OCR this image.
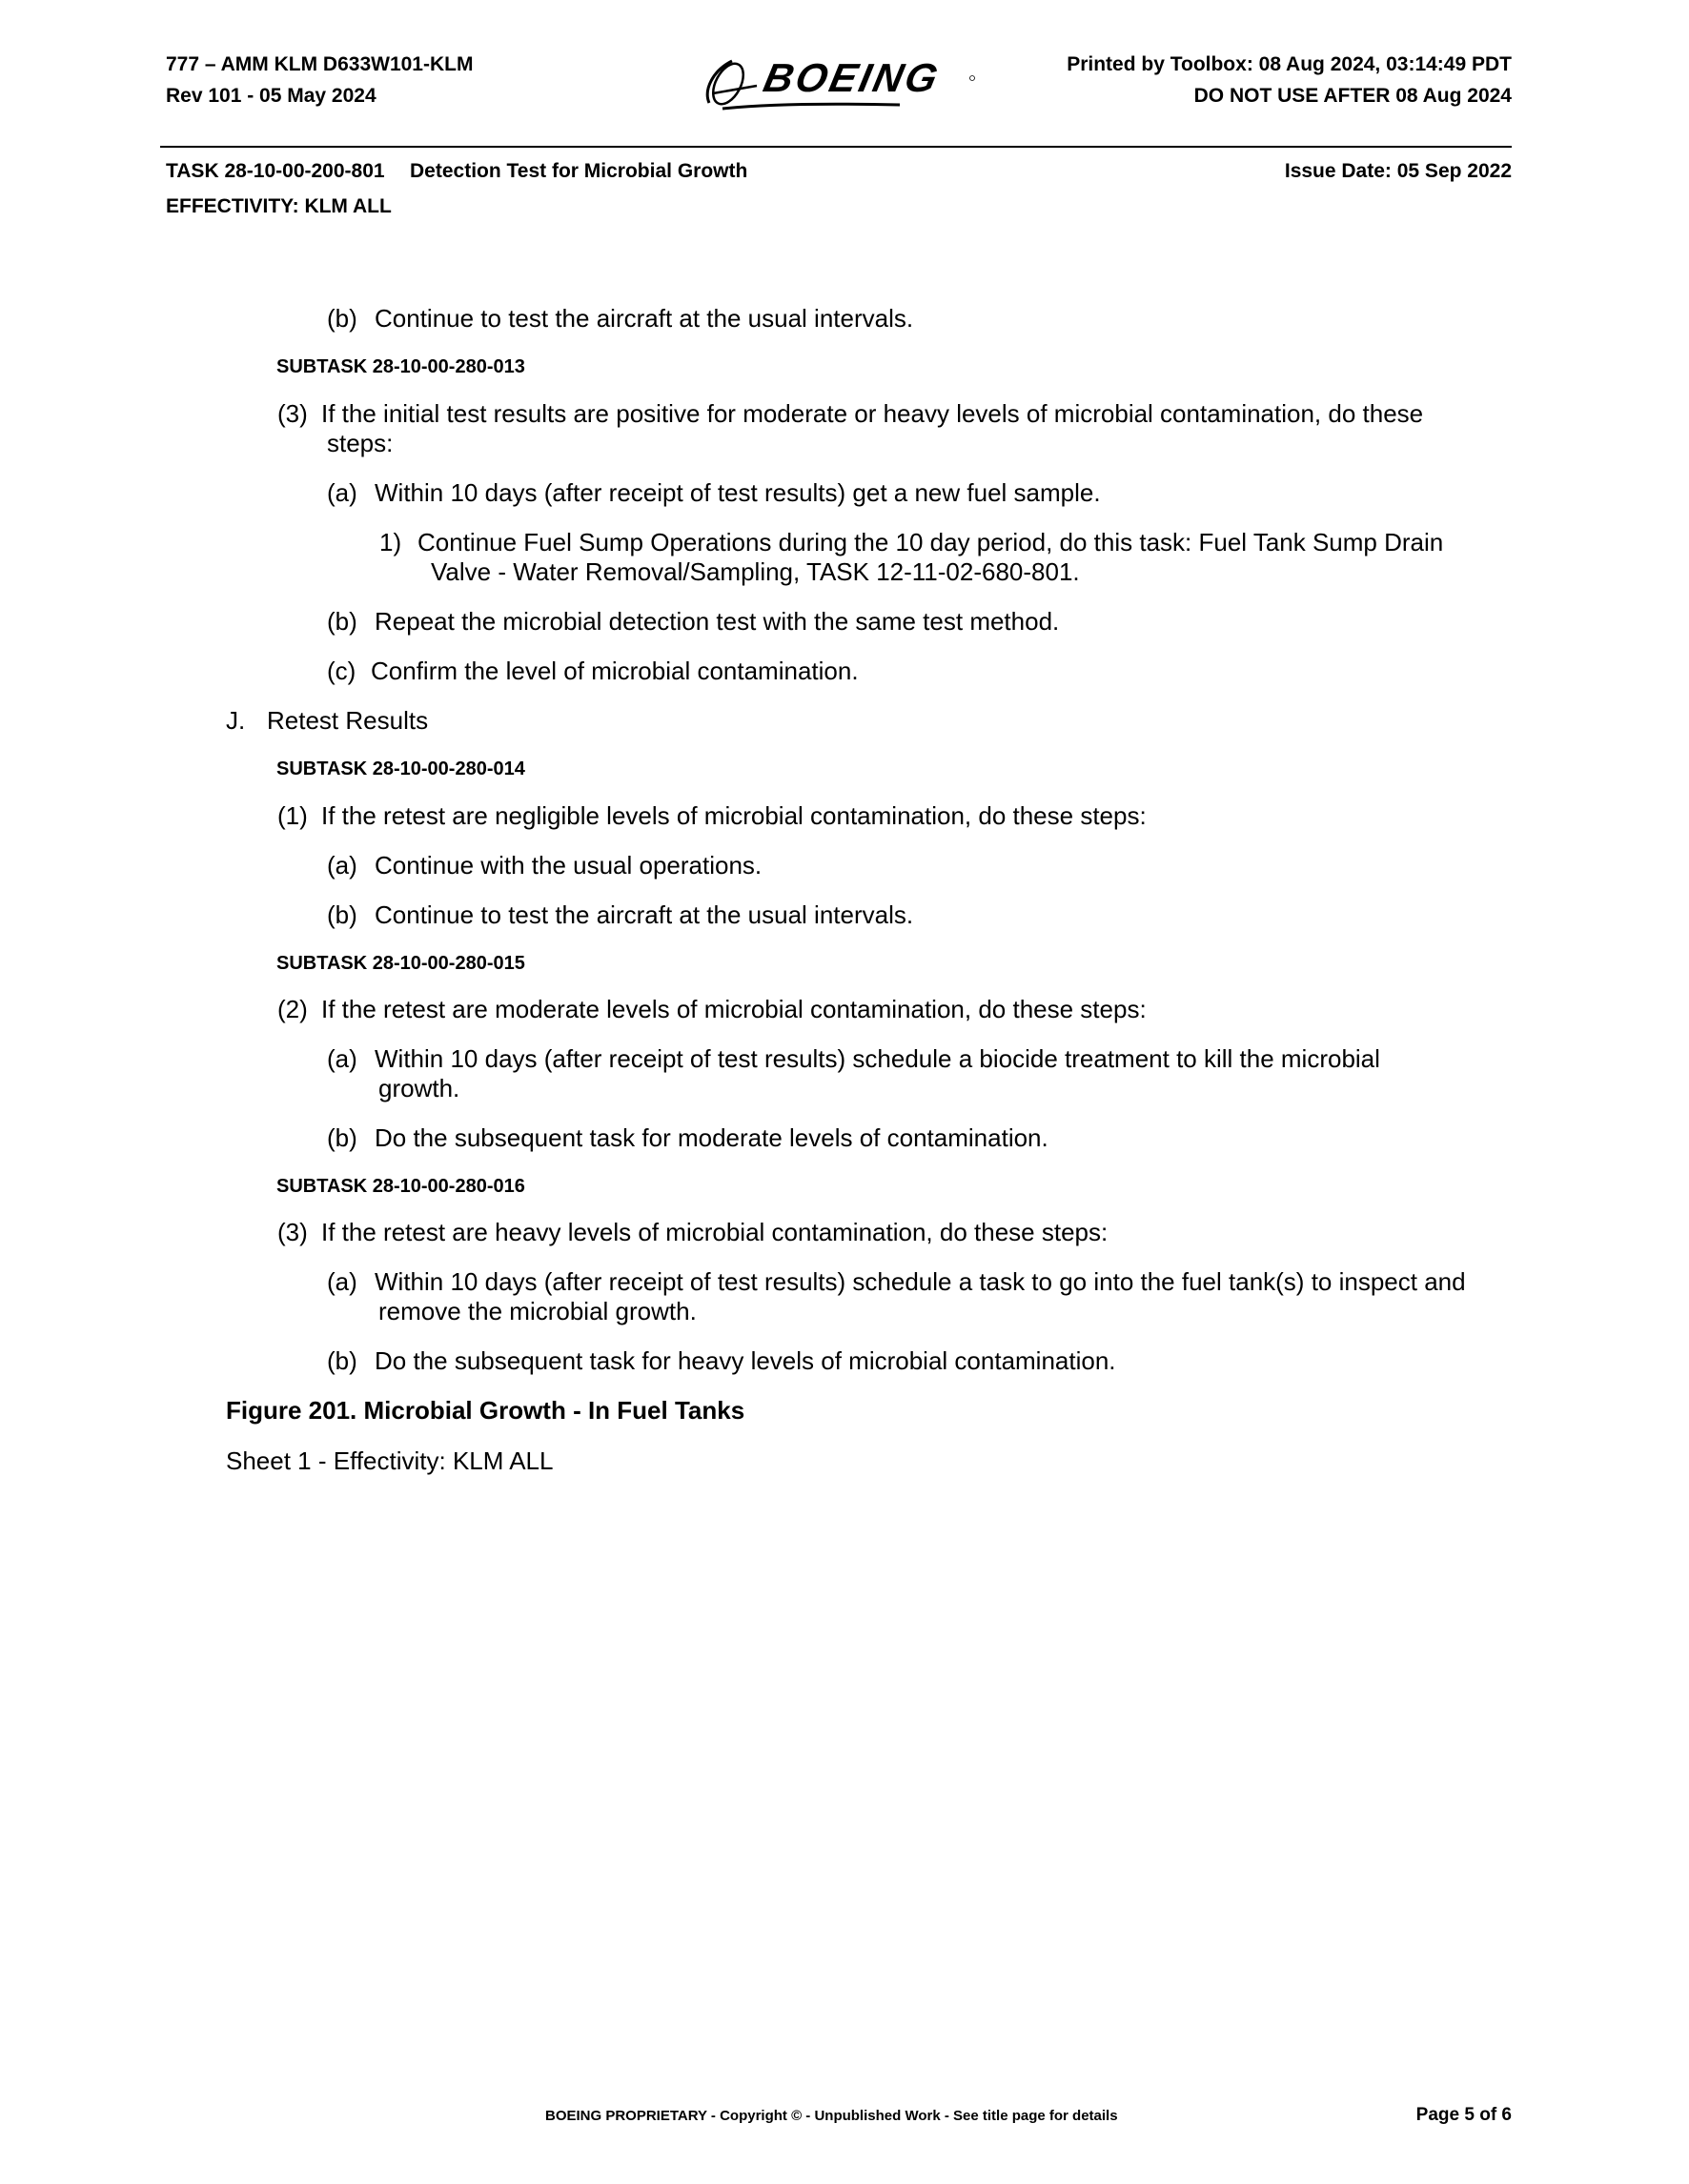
777 – AMM KLM D633W101-KLM
Rev 101 - 05 May 2024	BOEING	Printed by Toolbox: 08 Aug 2024, 03:14:49 PDT
DO NOT USE AFTER 08 Aug 2024
TASK 28-10-00-200-801 Detection Test for Microbial Growth	Issue Date: 05 Sep 2022
EFFECTIVITY: KLM ALL
(b) Continue to test the aircraft at the usual intervals.
SUBTASK 28-10-00-280-013
(3) If the initial test results are positive for moderate or heavy levels of microbial contamination, do these
steps:
(a) Within 10 days (after receipt of test results) get a new fuel sample.
1) Continue Fuel Sump Operations during the 10 day period, do this task: Fuel Tank Sump Drain
Valve - Water Removal/Sampling, TASK 12-11-02-680-801.
(b) Repeat the microbial detection test with the same test method.
(c) Confirm the level of microbial contamination.
J. Retest Results
SUBTASK 28-10-00-280-014
(1) If the retest are negligible levels of microbial contamination, do these steps:
(a) Continue with the usual operations.
(b) Continue to test the aircraft at the usual intervals.
SUBTASK 28-10-00-280-015
(2) If the retest are moderate levels of microbial contamination, do these steps:
(a) Within 10 days (after receipt of test results) schedule a biocide treatment to kill the microbial
growth.
(b) Do the subsequent task for moderate levels of contamination.
SUBTASK 28-10-00-280-016
(3) If the retest are heavy levels of microbial contamination, do these steps:
(a) Within 10 days (after receipt of test results) schedule a task to go into the fuel tank(s) to inspect and
remove the microbial growth.
(b) Do the subsequent task for heavy levels of microbial contamination.
Figure 201. Microbial Growth - In Fuel Tanks
Sheet 1 - Effectivity: KLM ALL
BOEING PROPRIETARY - Copyright © - Unpublished Work - See title page for details	Page 5 of 6
